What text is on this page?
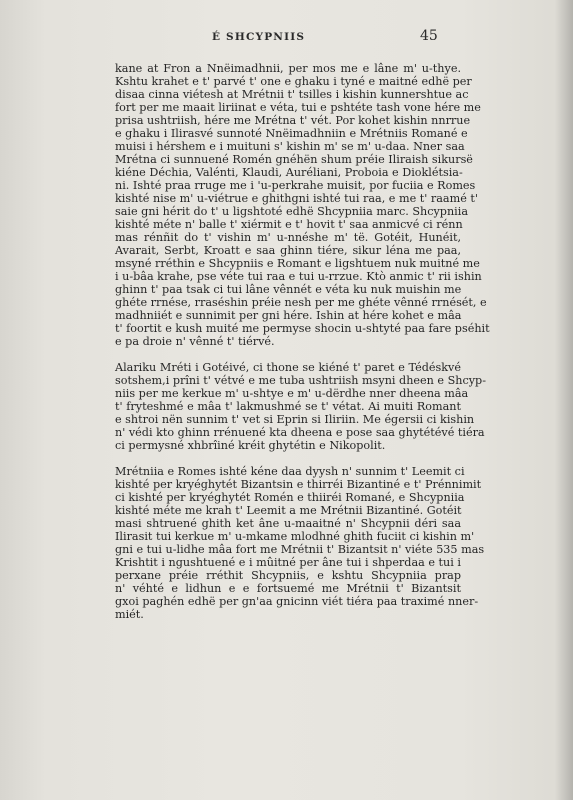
É SHCYPNIIS	45
kane at Fron a Nnëimadhnii, per mos me e lâne m' u-thye.
Kshtu krahet e t' parvé t' one e ghaku i tyné e maitné edhë per
disaa cinna viétesh at Mrétnii t' tsilles i kishin kunnershtue ac
fort per me maait liriinat e véta, tui e pshtéte tash vone hére me
prisa ushtriish, hére me Mrétna t' vét. Por kohet kishin nnrrue
e ghaku i Ilirasvé sunnoté Nnëimadhniin e Mrétniis Romané e
muisi i hérshem e i muituni s' kishin m' se m' u-daa. Nner saa
Mrétna ci sunnuené Romén gnéhën shum préie Iliraish sikursë
kiéne Déchia, Valénti, Klaudi, Auréliani, Proboia e Dioklétsia-
ni. Ishté praa rruge me i 'u-perkrahe muisit, por fuciia e Romes
kishté nise m' u-viétrue e ghithgni ishté tui raa, e me t' raamé t'
saie gni hérit do t' u ligshtoté edhë Shcypniia marc. Shcypniia
kishté méte n' balle t' xiérmit e t' hovit t' saa anmicvé ci rénn
mas rénñit do t' vishin m' u-nnéshe m' të. Gotéit, Hunéit,
Avarait, Serbt, Kroatt e saa ghinn tiére, sikur léna me paa,
msyné rréthin e Shcypniis e Romant e ligshtuem nuk muitné me
i u-bâa krahe, pse véte tui raa e tui u-rrzue. Ktò anmic t' rii ishin
ghinn t' paa tsak ci tui lâne vênnét e véta ku nuk muishin me
ghéte rrnése, rraséshin préie nesh per me ghéte vênné rrnését, e
madhniiét e sunnimit per gni hére. Ishin at hére kohet e mâa
t' foortit e kush muité me permyse shocin u-shtyté paa fare pséhit
e pa droie n' vênné t' tiérvé.
Alariku Mréti i Gotéivé, ci thone se kiéné t' paret e Tédéskvé
sotshem,i prîni t' vétvé e me tuba ushtriish msyni dheen e Shcyp-
niis per me kerkue m' u-shtye e m' u-dërdhe nner dheena mâa
t' fryteshmé e mâa t' lakmushmé se t' vétat. Ai muiti Romant
e shtroi nën sunnim t' vet si Eprin si Iliriin. Me égersii ci kishin
n' védi kto ghinn rrénuené kta dheena e pose saa ghytétévé tiéra
ci permysné xhbrîiné kréit ghytétin e Nikopolit.
Mrétniia e Romes ishté kéne daa dyysh n' sunnim t' Leemit ci
kishté per kryéghytét Bizantsin e thirréi Bizantiné e t' Prénnimit
ci kishté per kryéghytét Romén e thiiréi Romané, e Shcypniia
kishté méte me krah t' Leemit a me Mrétnii Bizantiné. Gotéit
masi shtruené ghith ket âne u-maaitné n' Shcypnii déri saa
Ilirasit tui kerkue m' u-mkame mlodhné ghith fuciit ci kishin m'
gni e tui u-lidhe mâa fort me Mrétnii t' Bizantsit n' viéte 535 mas
Krishtit i ngushtuené e i mûitné per âne tui i shperdaa e tui i
perxane préie rréthit Shcypniis, e kshtu Shcypniia prap
n' véhté e lidhun e e fortsuemé me Mrétnii t' Bizantsit
gxoi paghén edhë per gn'aa gnicinn viét tiéra paa traximé nner-
miét.
